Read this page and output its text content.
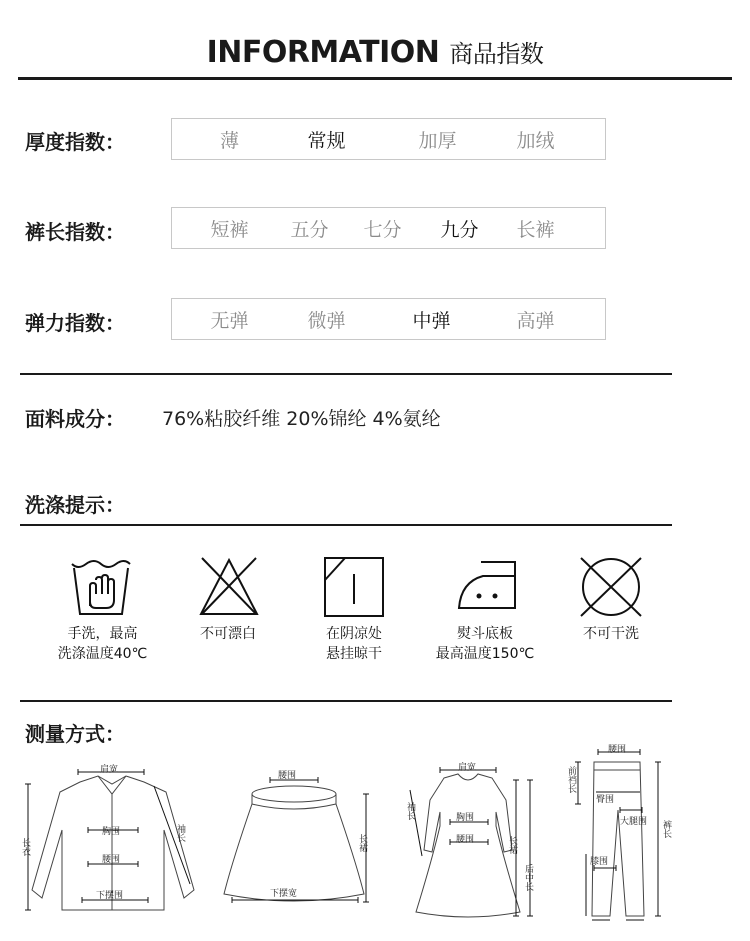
INFORMATION 商品指数
厚度指数：	薄	常规	加厚	加绒
裤长指数：	短裤	五分	七分	九分	长裤
弹力指数：	无弹	微弹	中弹	高弹
面料成分： 76%粘胶纤维 20%锦纶 4%氨纶
洗涤提示：
手洗，最高
洗涤温度40℃
不可漂白	在阴凉处
悬挂晾干
熨斗底板
最高温度150℃
不可干洗
测量方式：
肩宽
胸围
腰围
下摆围
长衣
袖长
腰围
下摆宽
长裙
肩宽
袖长	胸围
腰围	长裙
后中长
腰围
前裆长
臀围
大腿围
膝围
裤长
